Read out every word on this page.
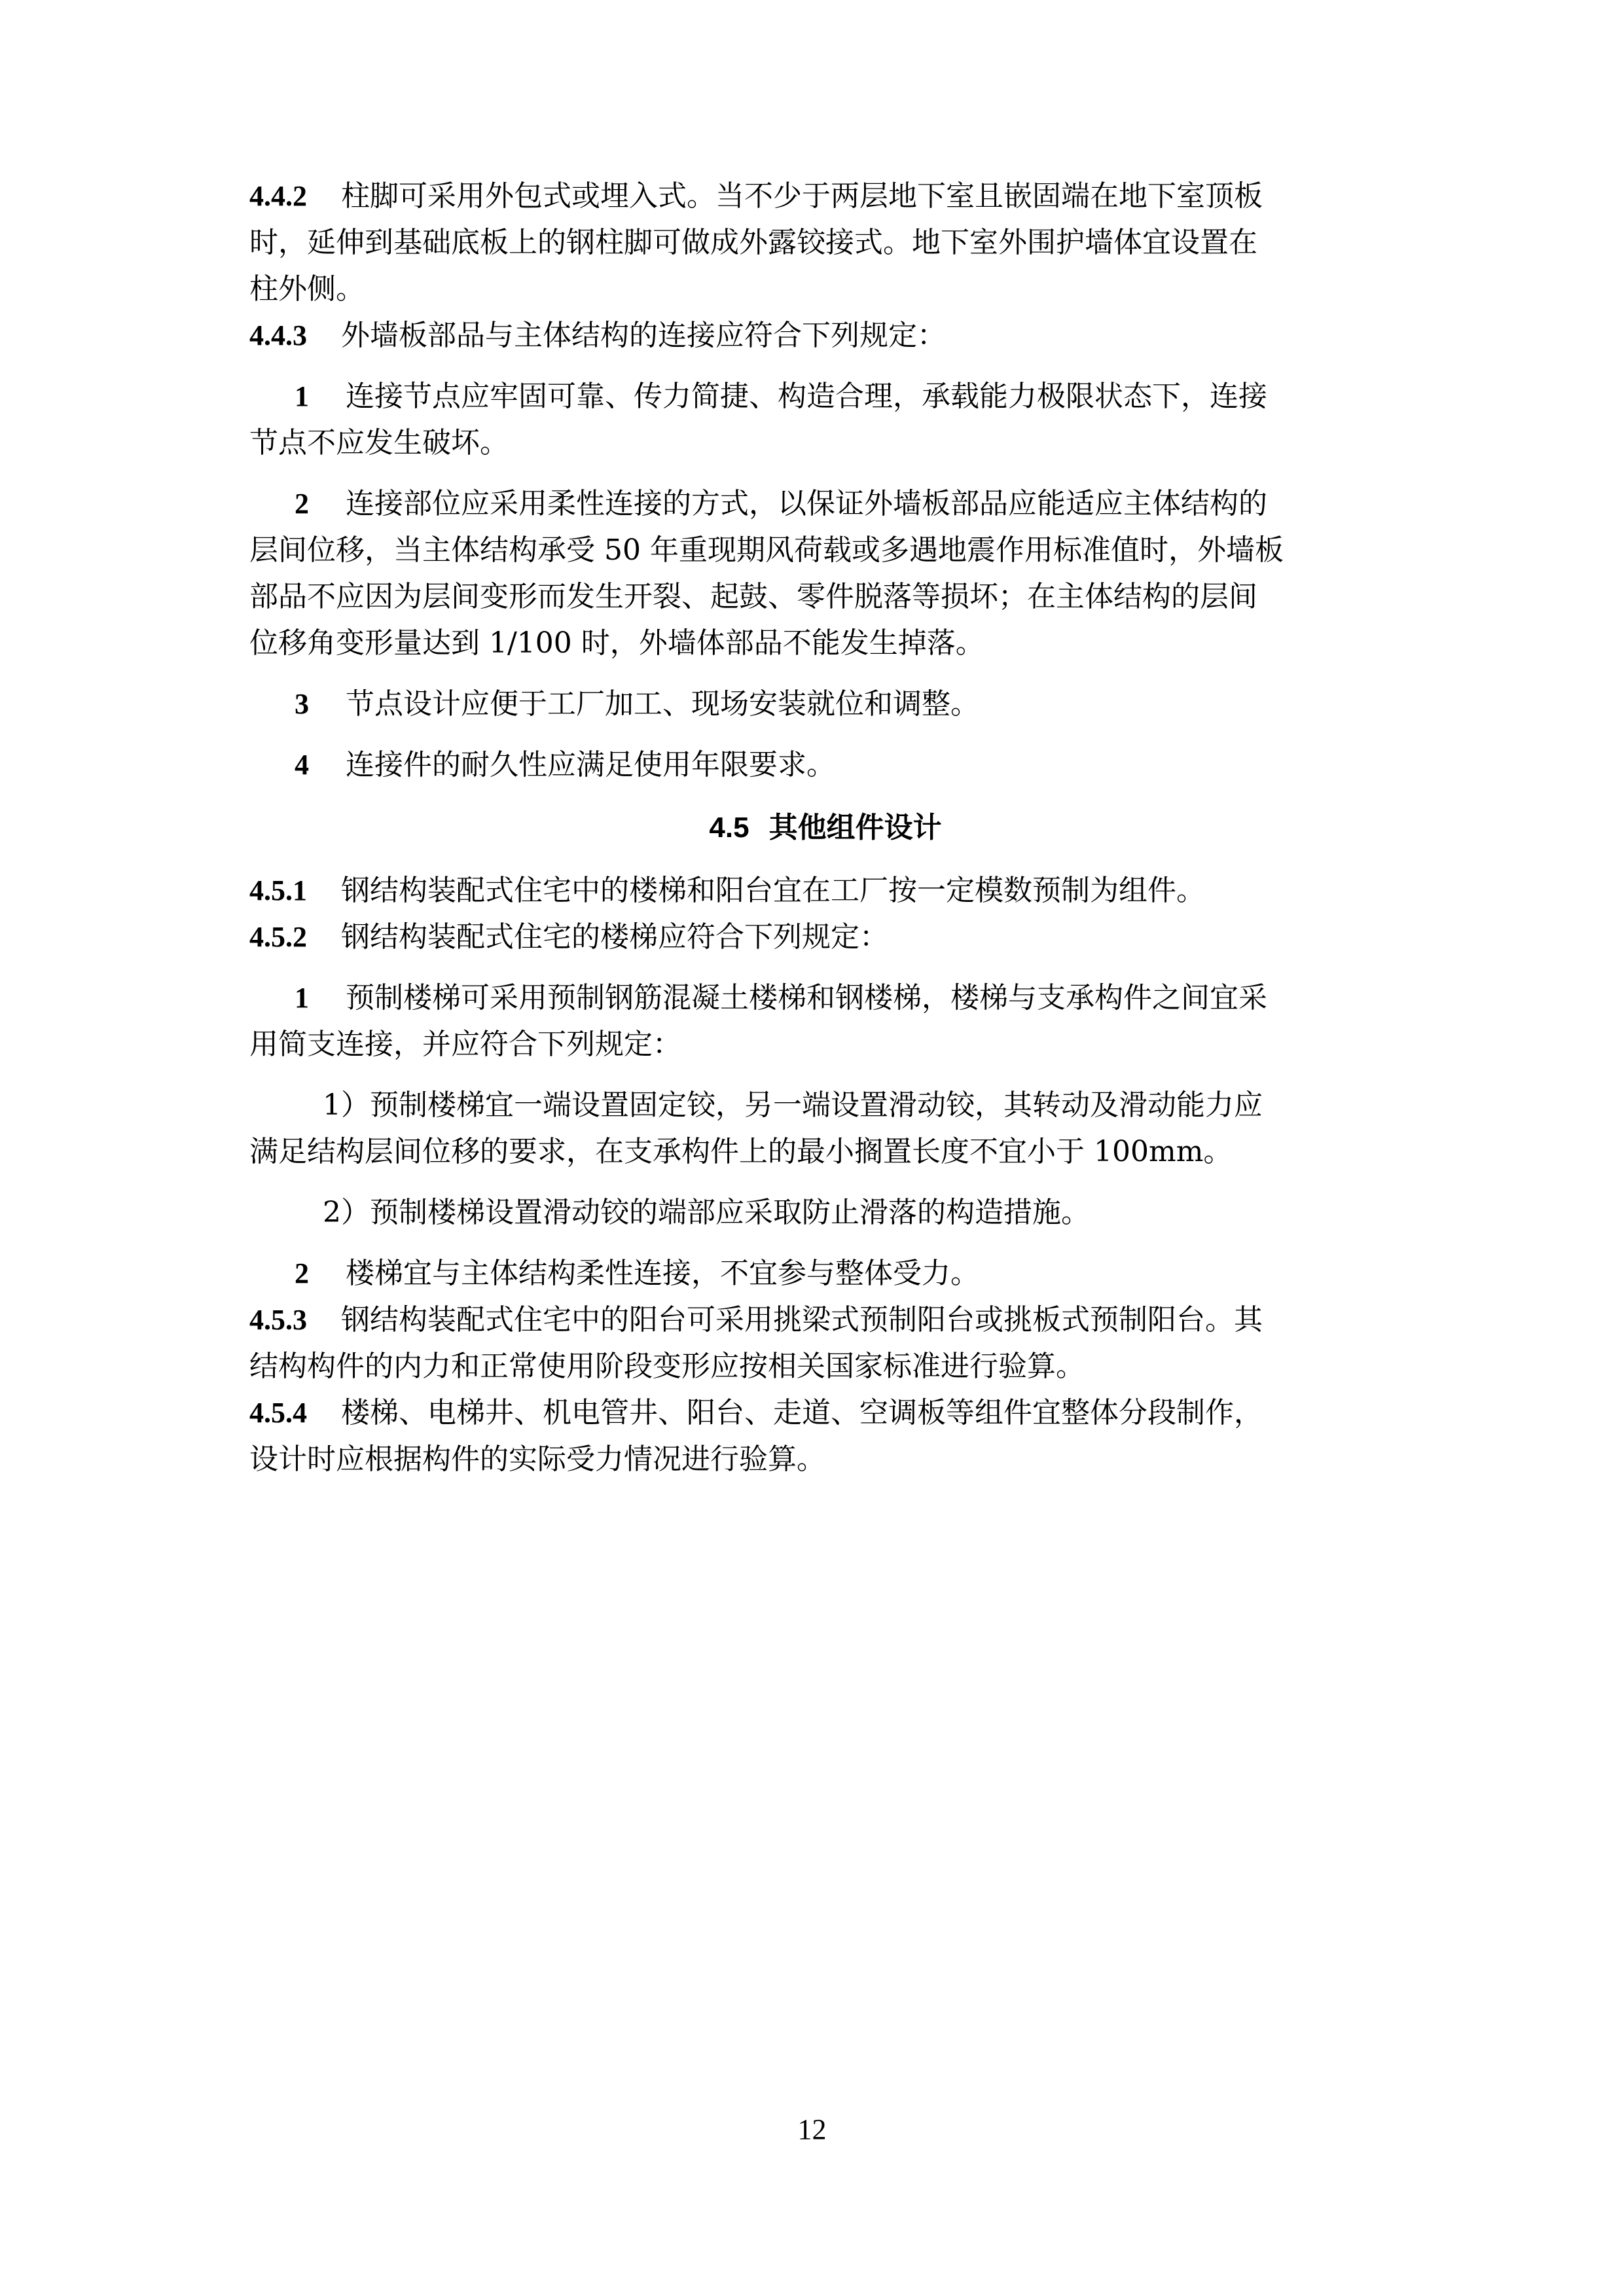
4.4.2 柱脚可采用外包式或埋入式。当不少于两层地下室且嵌固端在地下室顶板

时，延伸到基础底板上的钢柱脚可做成外露铰接式。地下室外围护墙体宜设置在

柱外侧。

4.4.3 外墙板部品与主体结构的连接应符合下列规定：

1 连接节点应牢固可靠、传力简捷、构造合理，承载能力极限状态下，连接

节点不应发生破坏。

2 连接部位应采用柔性连接的方式，以保证外墙板部品应能适应主体结构的

层间位移，当主体结构承受 50 年重现期风荷载或多遇地震作用标准值时，外墙板

部品不应因为层间变形而发生开裂、起鼓、零件脱落等损坏；在主体结构的层间

位移角变形量达到 1/100 时，外墙体部品不能发生掉落。

3 节点设计应便于工厂加工、现场安装就位和调整。

4 连接件的耐久性应满足使用年限要求。

4.5 其他组件设计

4.5.1 钢结构装配式住宅中的楼梯和阳台宜在工厂按一定模数预制为组件。

4.5.2 钢结构装配式住宅的楼梯应符合下列规定：

1 预制楼梯可采用预制钢筋混凝土楼梯和钢楼梯，楼梯与支承构件之间宜采

用简支连接，并应符合下列规定：

1）预制楼梯宜一端设置固定铰，另一端设置滑动铰，其转动及滑动能力应

满足结构层间位移的要求，在支承构件上的最小搁置长度不宜小于 100mm。

2）预制楼梯设置滑动铰的端部应采取防止滑落的构造措施。

2 楼梯宜与主体结构柔性连接，不宜参与整体受力。

4.5.3 钢结构装配式住宅中的阳台可采用挑梁式预制阳台或挑板式预制阳台。其

结构构件的内力和正常使用阶段变形应按相关国家标准进行验算。

4.5.4 楼梯、电梯井、机电管井、阳台、走道、空调板等组件宜整体分段制作，

设计时应根据构件的实际受力情况进行验算。

12
